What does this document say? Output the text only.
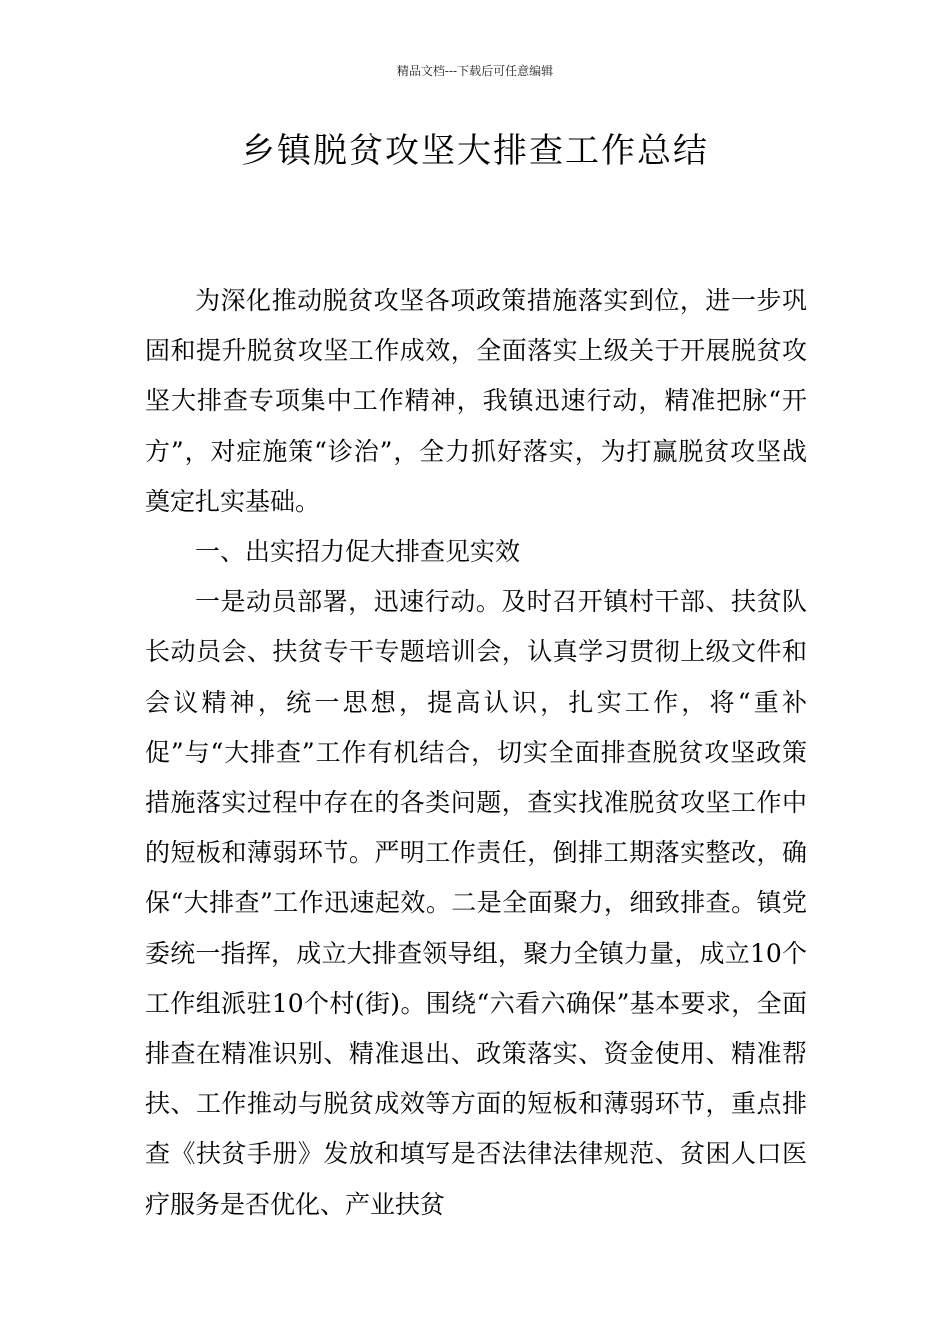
精品文档---下载后可任意编辑
乡镇脱贫攻坚大排查工作总结

为深化推动脱贫攻坚各项政策措施落实到位，进一步巩固和提升脱贫攻坚工作成效，全面落实上级关于开展脱贫攻坚大排查专项集中工作精神，我镇迅速行动，精准把脉“开方”，对症施策“诊治”，全力抓好落实，为打赢脱贫攻坚战奠定扎实基础。

一、出实招力促大排查见实效

一是动员部署，迅速行动。及时召开镇村干部、扶贫队长动员会、扶贫专干专题培训会，认真学习贯彻上级文件和会议精神，统一思想，提高认识，扎实工作，将“重补促”与“大排查”工作有机结合，切实全面排查脱贫攻坚政策措施落实过程中存在的各类问题，查实找准脱贫攻坚工作中的短板和薄弱环节。严明工作责任，倒排工期落实整改，确保“大排查”工作迅速起效。二是全面聚力，细致排查。镇党委统一指挥，成立大排查领导组，聚力全镇力量，成立10个工作组派驻10个村(街)。围绕“六看六确保”基本要求，全面排查在精准识别、精准退出、政策落实、资金使用、精准帮扶、工作推动与脱贫成效等方面的短板和薄弱环节，重点排查《扶贫手册》发放和填写是否法律法律规范、贫困人口医疗服务是否优化、产业扶贫
